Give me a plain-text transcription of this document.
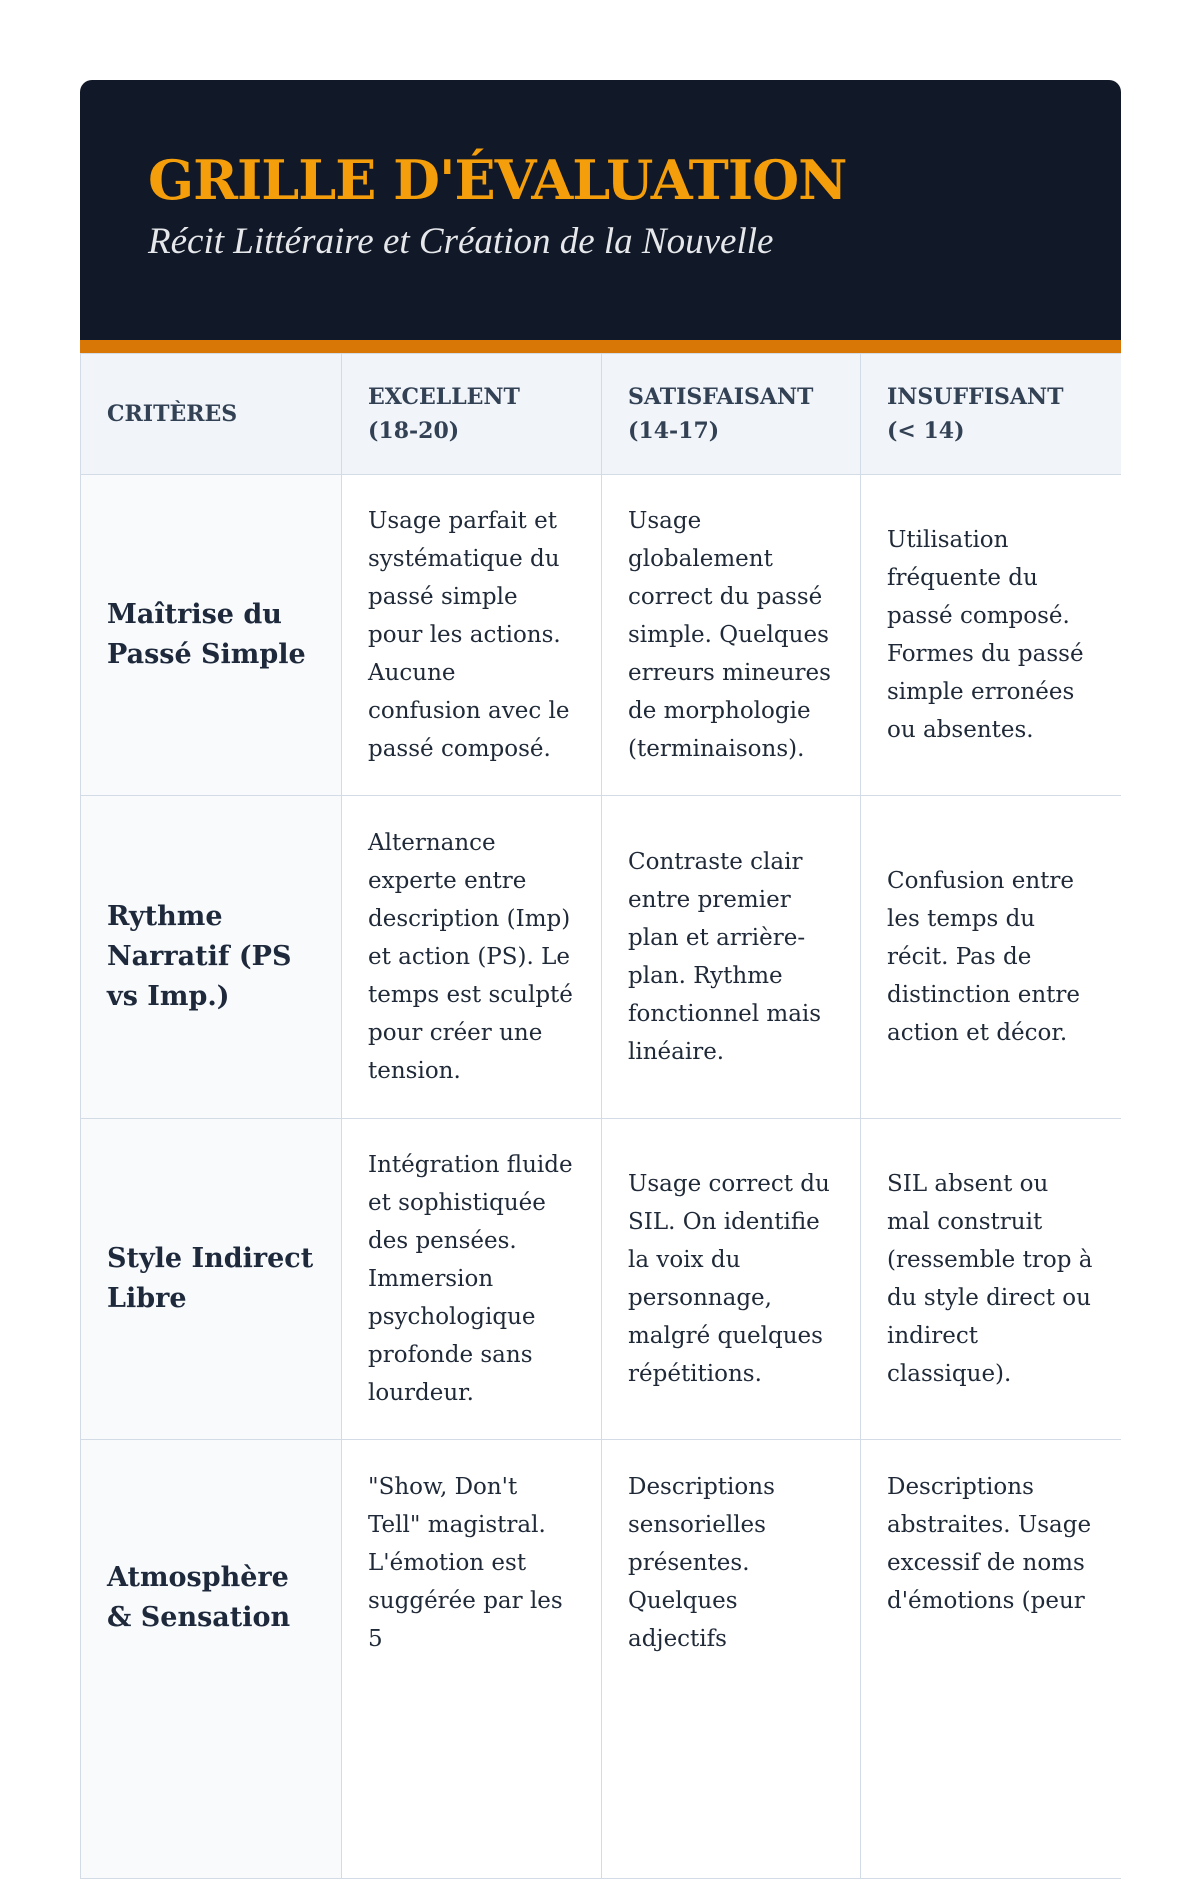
GRILLE D'ÉVALUATION
Récit Littéraire et Création de la Nouvelle
CRITÈRES	EXCELLENT (18-20)	SATISFAISANT (14-17)	INSUFFISANT (< 14)
Maîtrise du Passé Simple	Usage parfait et systématique du passé simple pour les actions. Aucune confusion avec le passé composé.	Usage globalement correct du passé simple. Quelques erreurs mineures de morphologie (terminaisons).	Utilisation fréquente du passé composé. Formes du passé simple erronées ou absentes.
Rythme Narratif (PS vs Imp.)	Alternance experte entre description (Imp) et action (PS). Le temps est sculpté pour créer une tension.	Contraste clair entre premier plan et arrière-plan. Rythme fonctionnel mais linéaire.	Confusion entre les temps du récit. Pas de distinction entre action et décor.
Style Indirect Libre	Intégration fluide et sophistiquée des pensées. Immersion psychologique profonde sans lourdeur.	Usage correct du SIL. On identifie la voix du personnage, malgré quelques répétitions.	SIL absent ou mal construit (ressemble trop à du style direct ou indirect classique).
Atmosphère & Sensation	"Show, Don't Tell" magistral. L'émotion est suggérée par les 5	Descriptions sensorielles présentes. Quelques adjectifs	Descriptions abstraites. Usage excessif de noms d'émotions (peur
